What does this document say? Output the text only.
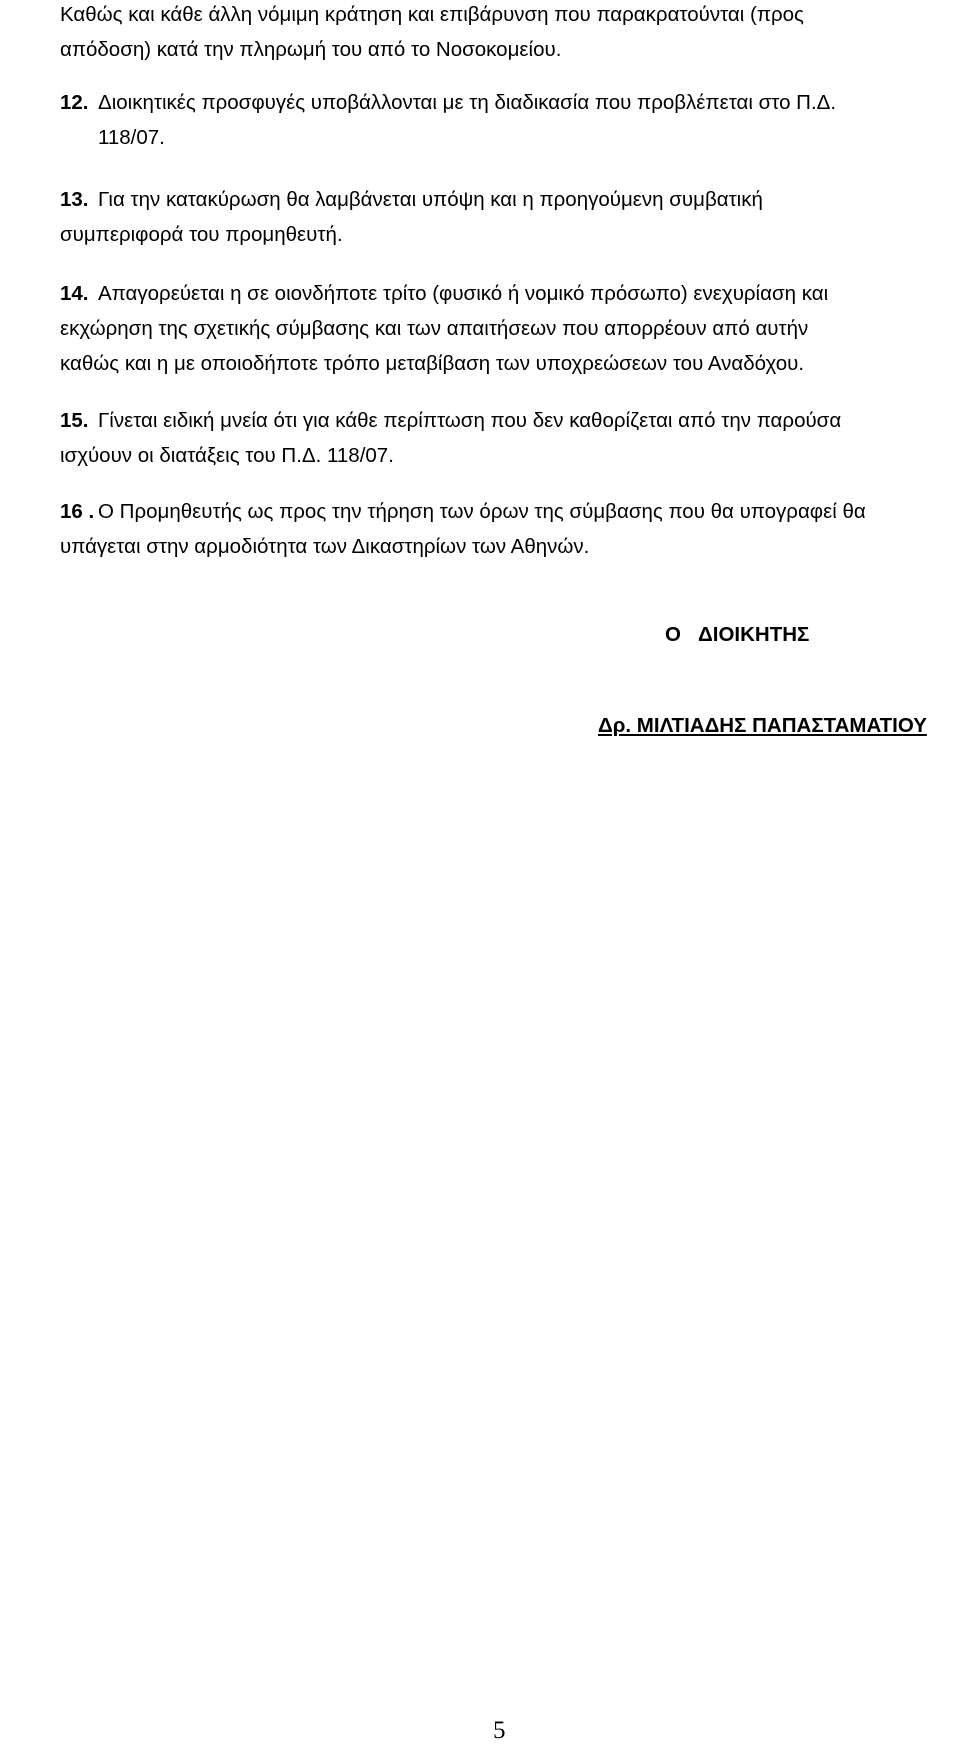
Καθώς και κάθε άλλη νόμιμη κράτηση και επιβάρυνση που παρακρατούνται (προς
απόδοση) κατά την πληρωμή του από το Νοσοκομείου.
12. Διοικητικές προσφυγές υποβάλλονται με τη διαδικασία που προβλέπεται στο Π.Δ.
118/07.
13. Για την κατακύρωση θα λαμβάνεται υπόψη και η προηγούμενη συμβατική
συμπεριφορά του προμηθευτή.
14. Απαγορεύεται η σε οιονδήποτε τρίτο (φυσικό ή νομικό πρόσωπο) ενεχυρίαση και
εκχώρηση της σχετικής σύμβασης και των απαιτήσεων που απορρέουν από αυτήν
καθώς και η με οποιοδήποτε τρόπο μεταβίβαση των υποχρεώσεων του Αναδόχου.
15. Γίνεται ειδική μνεία ότι για κάθε περίπτωση που δεν καθορίζεται από την παρούσα
ισχύουν οι διατάξεις του Π.Δ. 118/07.
16 . Ο Προμηθευτής ως προς την τήρηση των όρων της σύμβασης που θα υπογραφεί θα
υπάγεται στην αρμοδιότητα των Δικαστηρίων των Αθηνών.
Ο ΔΙΟΙΚΗΤΗΣ
Δρ. ΜΙΛΤΙΑΔΗΣ ΠΑΠΑΣΤΑΜΑΤΙΟΥ
5
